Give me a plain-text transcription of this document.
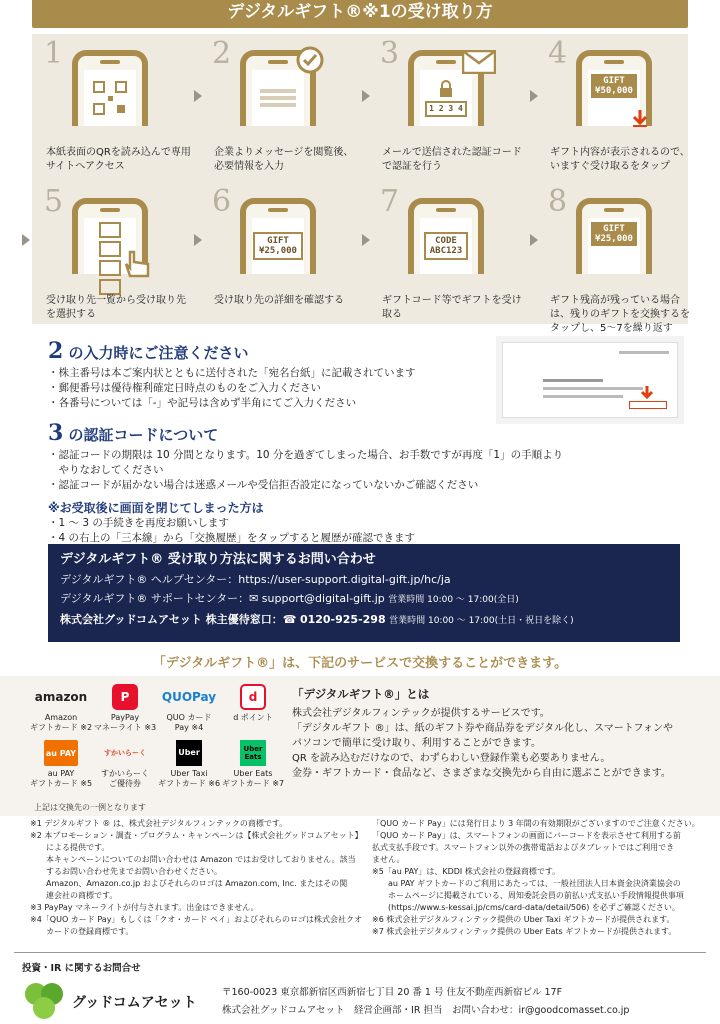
デジタルギフト®※1の受け取り方
1
本紙表面のQRを読み込んで専用サイトへアクセス
2
企業よりメッセージを閲覧後、必要情報を入力
3
1 2 3 4
メールで送信された認証コードで認証を行う
4
GIFT
¥50,000
ギフト内容が表示されるので、いますぐ受け取るをタップ
5
受け取り先一覧から受け取り先を選択する
6
GIFT
¥25,000
受け取り先の詳細を確認する
7
CODE
ABC123
ギフトコード等でギフトを受け取る
8
GIFT
¥25,000
ギフト残高が残っている場合は、残りのギフトを交換するをタップし、5〜7を繰り返す
2 の入力時にご注意ください
・株主番号は本ご案内状とともに送付された「宛名台紙」に記載されています
・郵便番号は優待権利確定日時点のものをご入力ください
・各番号については「-」や記号は含めず半角にてご入力ください
3 の認証コードについて
・認証コードの期限は 10 分間となります。10 分を過ぎてしまった場合、お手数ですが再度「1」の手順より
　やりなおしてください
・認証コードが届かない場合は迷惑メールや受信拒否設定になっていないかご確認ください
※お受取後に画面を閉じてしまった方は
・1 〜 3 の手続きを再度お願いします
・4 の右上の「三本線」から「交換履歴」をタップすると履歴が確認できます
デジタルギフト® 受け取り方法に関するお問い合わせ
デジタルギフト® ヘルプセンター：https://user-support.digital-gift.jp/hc/ja
デジタルギフト® サポートセンター：✉ support@digital-gift.jp 営業時間 10:00 〜 17:00(全日)
株式会社グッドコムアセット 株主優待窓口：☎ 0120-925-298 営業時間 10:00 〜 17:00(土日・祝日を除く)
「デジタルギフト®」は、下記のサービスで交換することができます。
amazon
Amazon
ギフトカード ※2
P
PayPay
マネーライト ※3
QUOPay
QUO カード
Pay ※4
d
d ポイント
au PAY
au PAY
ギフトカード ※5
すかいらーく
すかいらーく
ご優待券
Uber
Uber Taxi
ギフトカード ※6
Uber
Eats
Uber Eats
ギフトカード ※7
上記は交換先の一例となります
「デジタルギフト®」とは
株式会社デジタルフィンテックが提供するサービスです。
「デジタルギフト ®」は、紙のギフト券や商品券をデジタル化し、スマートフォンや
パソコンで簡単に受け取り、利用することができます。
QR を読み込むだけなので、わずらわしい登録作業も必要ありません。
金券・ギフトカード・食品など、さまざまな交換先から自由に選ぶことができます。
※1 デジタルギフト ® は、株式会社デジタルフィンテックの商標です。
※2 本プロモーション・調査・プログラム・キャンペーンは【株式会社グッドコムアセット】
　　による提供です。
　　本キャンペーンについてのお問い合わせは Amazon ではお受けしておりません。該当
　　するお問い合わせ先までお問い合わせください。
　　Amazon、Amazon.co.jp およびそれらのロゴは Amazon.com, Inc. またはその関
　　連会社の商標です。
※3 PayPay マネーライトが付与されます。出金はできません。
※4「QUO カード Pay」もしくは「クオ・カード ペイ」およびそれらのロゴは株式会社クオ
　　カードの登録商標です。
「QUO カード Pay」には発行日より 3 年間の有効期限がございますのでご注意ください。
「QUO カード Pay」は、スマートフォンの画面にバーコードを表示させて利用する前
払式支払手段です。スマートフォン以外の携帯電話およびタブレットではご利用でき
ません。
※5「au PAY」は、KDDI 株式会社の登録商標です。
　　au PAY ギフトカードのご利用にあたっては、一般社団法人日本資金決済業協会の
　　ホームページに掲載されている、周知委託会員の前払い式支払い手段情報提供事項
　　(https://www.s-kessai.jp/cms/card-data/detail/506) を必ずご確認ください。
※6 株式会社デジタルフィンテック提供の Uber Taxi ギフトカードが提供されます。
※7 株式会社デジタルフィンテック提供の Uber Eats ギフトカードが提供されます。
投資・IR に関するお問合せ
グッドコムアセット
〒160-0023 東京都新宿区西新宿七丁目 20 番 1 号 住友不動産西新宿ビル 17F
株式会社グッドコムアセット　経営企画部・IR 担当　お問い合わせ：ir@goodcomasset.co.jp
